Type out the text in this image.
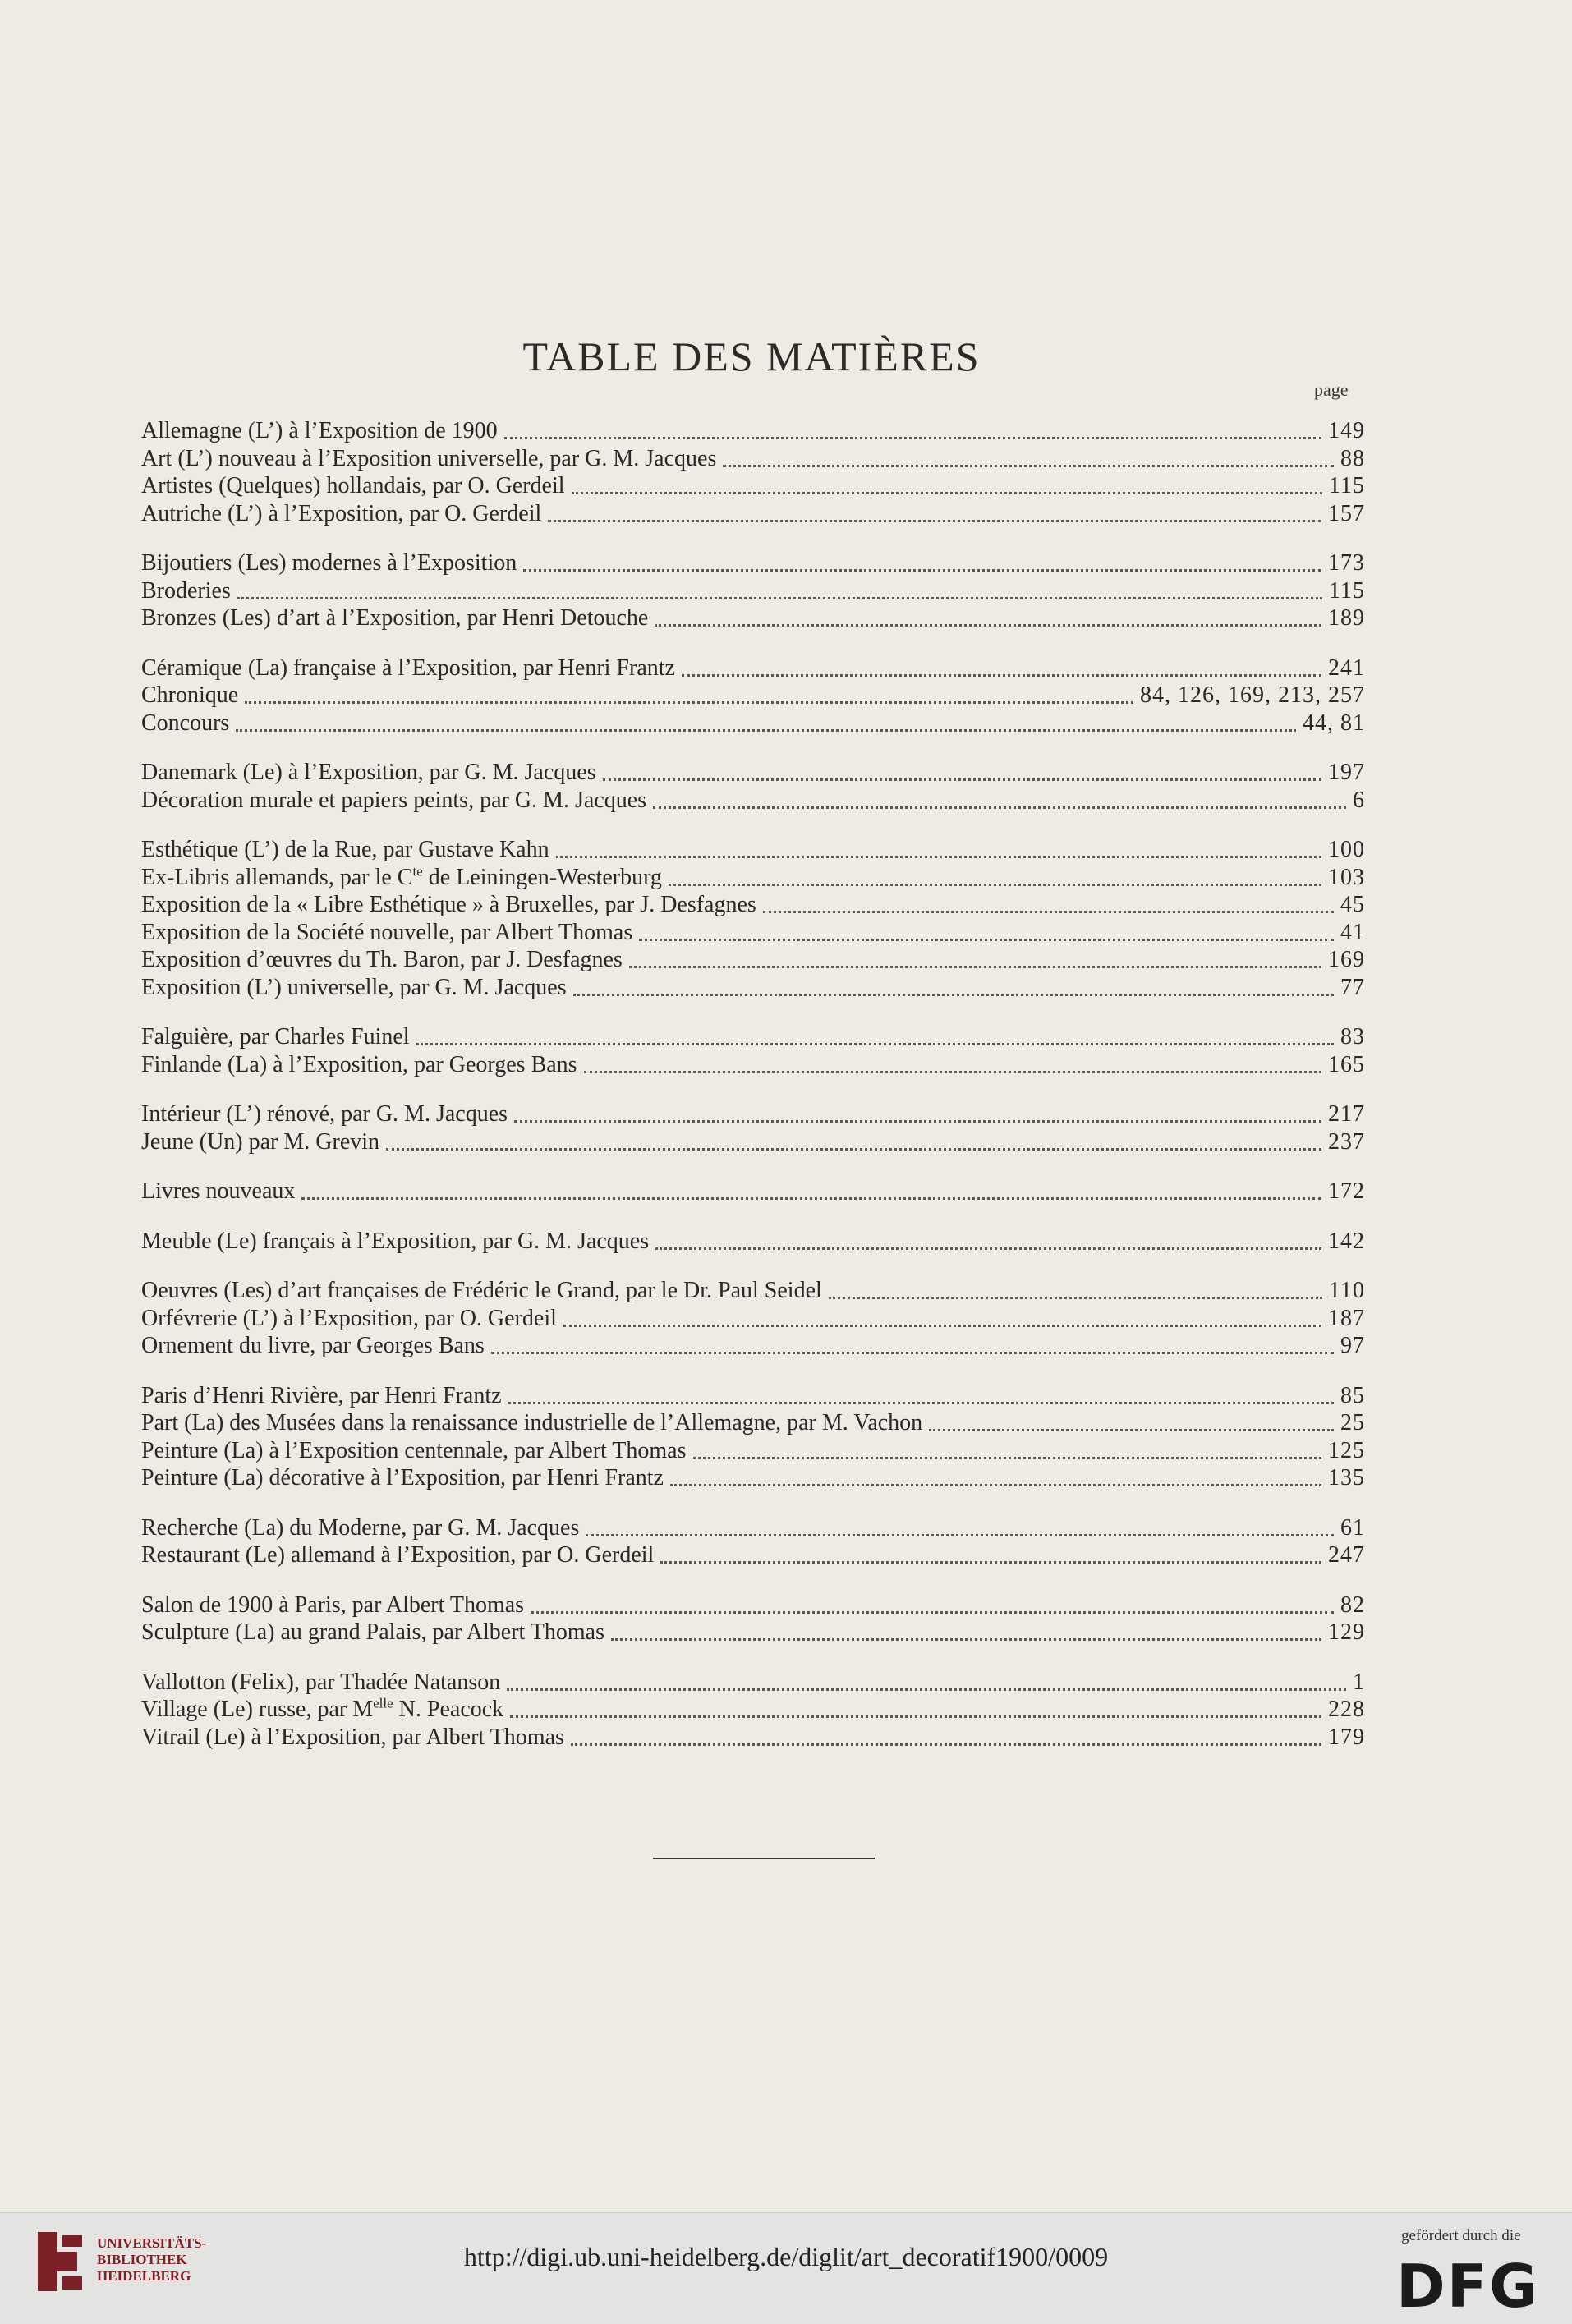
TABLE DES MATIÈRES
page
Allemagne (L’) à l’Exposition de 1900	149
Art (L’) nouveau à l’Exposition universelle, par G. M. Jacques	88
Artistes (Quelques) hollandais, par O. Gerdeil	115
Autriche (L’) à l’Exposition, par O. Gerdeil	157
Bijoutiers (Les) modernes à l’Exposition	173
Broderies	115
Bronzes (Les) d’art à l’Exposition, par Henri Detouche	189
Céramique (La) française à l’Exposition, par Henri Frantz	241
Chronique	84, 126, 169, 213, 257
Concours	44, 81
Danemark (Le) à l’Exposition, par G. M. Jacques	197
Décoration murale et papiers peints, par G. M. Jacques	6
Esthétique (L’) de la Rue, par Gustave Kahn	100
Ex-Libris allemands, par le $C^{te}$ de Leiningen-Westerburg	103
Exposition de la « Libre Esthétique » à Bruxelles, par J. Desfagnes	45
Exposition de la Société nouvelle, par Albert Thomas	41
Exposition d’œuvres du Th. Baron, par J. Desfagnes	169
Exposition (L’) universelle, par G. M. Jacques	77
Falguière, par Charles Fuinel	83
Finlande (La) à l’Exposition, par Georges Bans	165
Intérieur (L’) rénové, par G. M. Jacques	217
Jeune (Un) par M. Grevin	237
Livres nouveaux	172
Meuble (Le) français à l’Exposition, par G. M. Jacques	142
Oeuvres (Les) d’art françaises de Frédéric le Grand, par le Dr. Paul Seidel	110
Orfévrerie (L’) à l’Exposition, par O. Gerdeil	187
Ornement du livre, par Georges Bans	97
Paris d’Henri Rivière, par Henri Frantz	85
Part (La) des Musées dans la renaissance industrielle de l’Allemagne, par M. Vachon	25
Peinture (La) à l’Exposition centennale, par Albert Thomas	125
Peinture (La) décorative à l’Exposition, par Henri Frantz	135
Recherche (La) du Moderne, par G. M. Jacques	61
Restaurant (Le) allemand à l’Exposition, par O. Gerdeil	247
Salon de 1900 à Paris, par Albert Thomas	82
Sculpture (La) au grand Palais, par Albert Thomas	129
Vallotton (Felix), par Thadée Natanson	1
Village (Le) russe, par $M^{elle}$ N. Peacock	228
Vitrail (Le) à l’Exposition, par Albert Thomas	179
UNIVERSITÄTS-
BIBLIOTHEK
HEIDELBERG
http://digi.ub.uni-heidelberg.de/diglit/art_decoratif1900/0009
gefördert durch die
DFG
